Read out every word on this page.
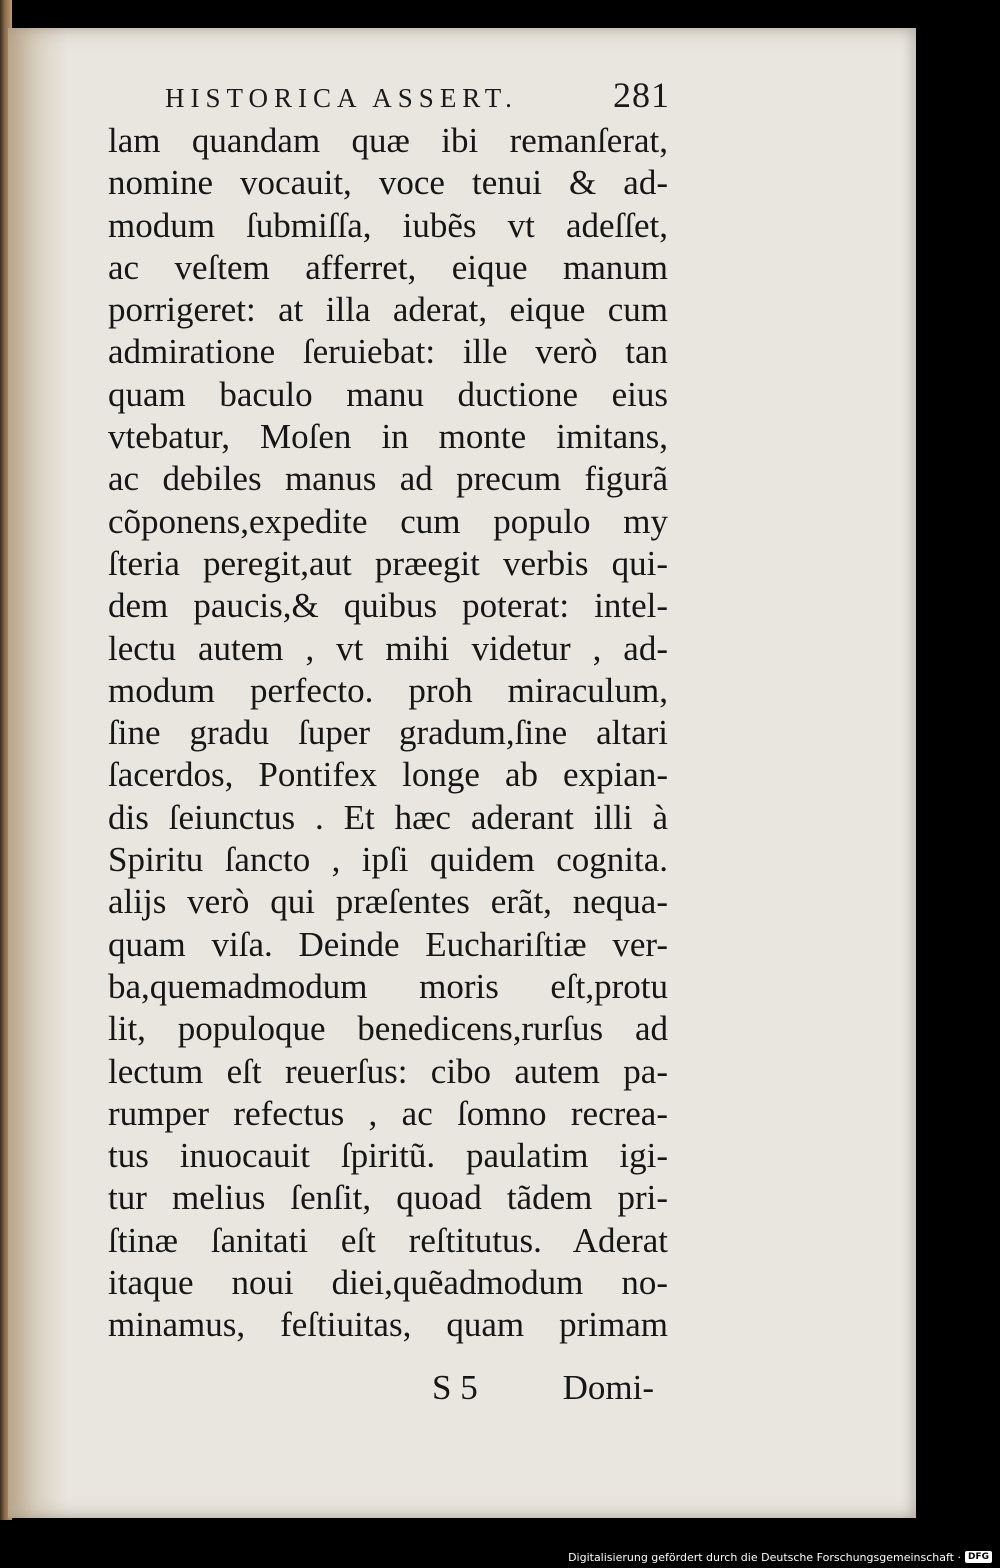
HISTORICA ASSERT.	281
lam quandam quæ ibi remanſerat,
nomine vocauit, voce tenui & ad-
modum ſubmiſſa, iubẽs vt adeſſet,
ac veſtem afferret, eique manum
porrigeret: at illa aderat, eique cum
admiratione ſeruiebat: ille verò tan
quam baculo manu ductione eius
vtebatur, Moſen in monte imitans,
ac debiles manus ad precum figurã
cõponens,expedite cum populo my
ſteria peregit,aut præegit verbis qui-
dem paucis,& quibus poterat: intel-
lectu autem , vt mihi videtur , ad-
modum perfecto. proh miraculum,
ſine gradu ſuper gradum,ſine altari
ſacerdos, Pontifex longe ab expian-
dis ſeiunctus . Et hæc aderant illi à
Spiritu ſancto , ipſi quidem cognita.
alijs verò qui præſentes erãt, nequa-
quam viſa. Deinde Euchariſtiæ ver-
ba,quemadmodum moris eſt,protu
lit, populoque benedicens,rurſus ad
lectum eſt reuerſus: cibo autem pa-
rumper refectus , ac ſomno recrea-
tus inuocauit ſpiritũ. paulatim igi-
tur melius ſenſit, quoad tãdem pri-
ſtinæ ſanitati eſt reſtitutus. Aderat
itaque noui diei,quẽadmodum no-
minamus, feſtiuitas, quam primam
S 5 Domi-
Digitalisierung gefördert durch die Deutsche Forschungsgemeinschaft · DFG
